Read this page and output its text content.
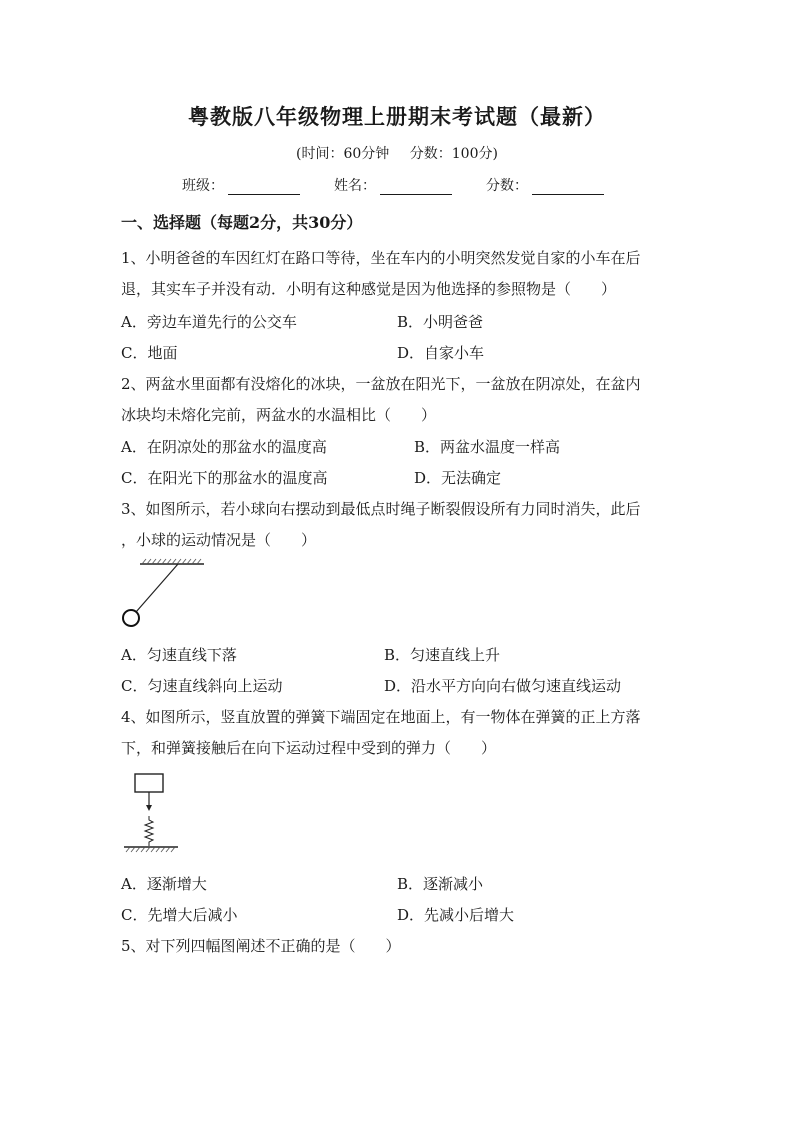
粤教版八年级物理上册期末考试题（最新）
(时间：60分钟 分数：100分)
班级：	姓名：	分数：
一、选择题（每题2分，共30分）
1、小明爸爸的车因红灯在路口等待，坐在车内的小明突然发觉自家的小车在后
退，其实车子并没有动．小明有这种感觉是因为他选择的参照物是（　　）
A．旁边车道先行的公交车	B．小明爸爸
C．地面	D．自家小车
2、两盆水里面都有没熔化的冰块，一盆放在阳光下，一盆放在阴凉处，在盆内
冰块均未熔化完前，两盆水的水温相比（　　）
A．在阴凉处的那盆水的温度高	B．两盆水温度一样高
C．在阳光下的那盆水的温度高	D．无法确定
3、如图所示，若小球向右摆动到最低点时绳子断裂假设所有力同时消失，此后
，小球的运动情况是（　　）
A．匀速直线下落	B．匀速直线上升
C．匀速直线斜向上运动	D．沿水平方向向右做匀速直线运动
4、如图所示，竖直放置的弹簧下端固定在地面上，有一物体在弹簧的正上方落
下，和弹簧接触后在向下运动过程中受到的弹力（　　）
A．逐渐增大	B．逐渐减小
C．先增大后减小	D．先减小后增大
5、对下列四幅图阐述不正确的是（　　）
